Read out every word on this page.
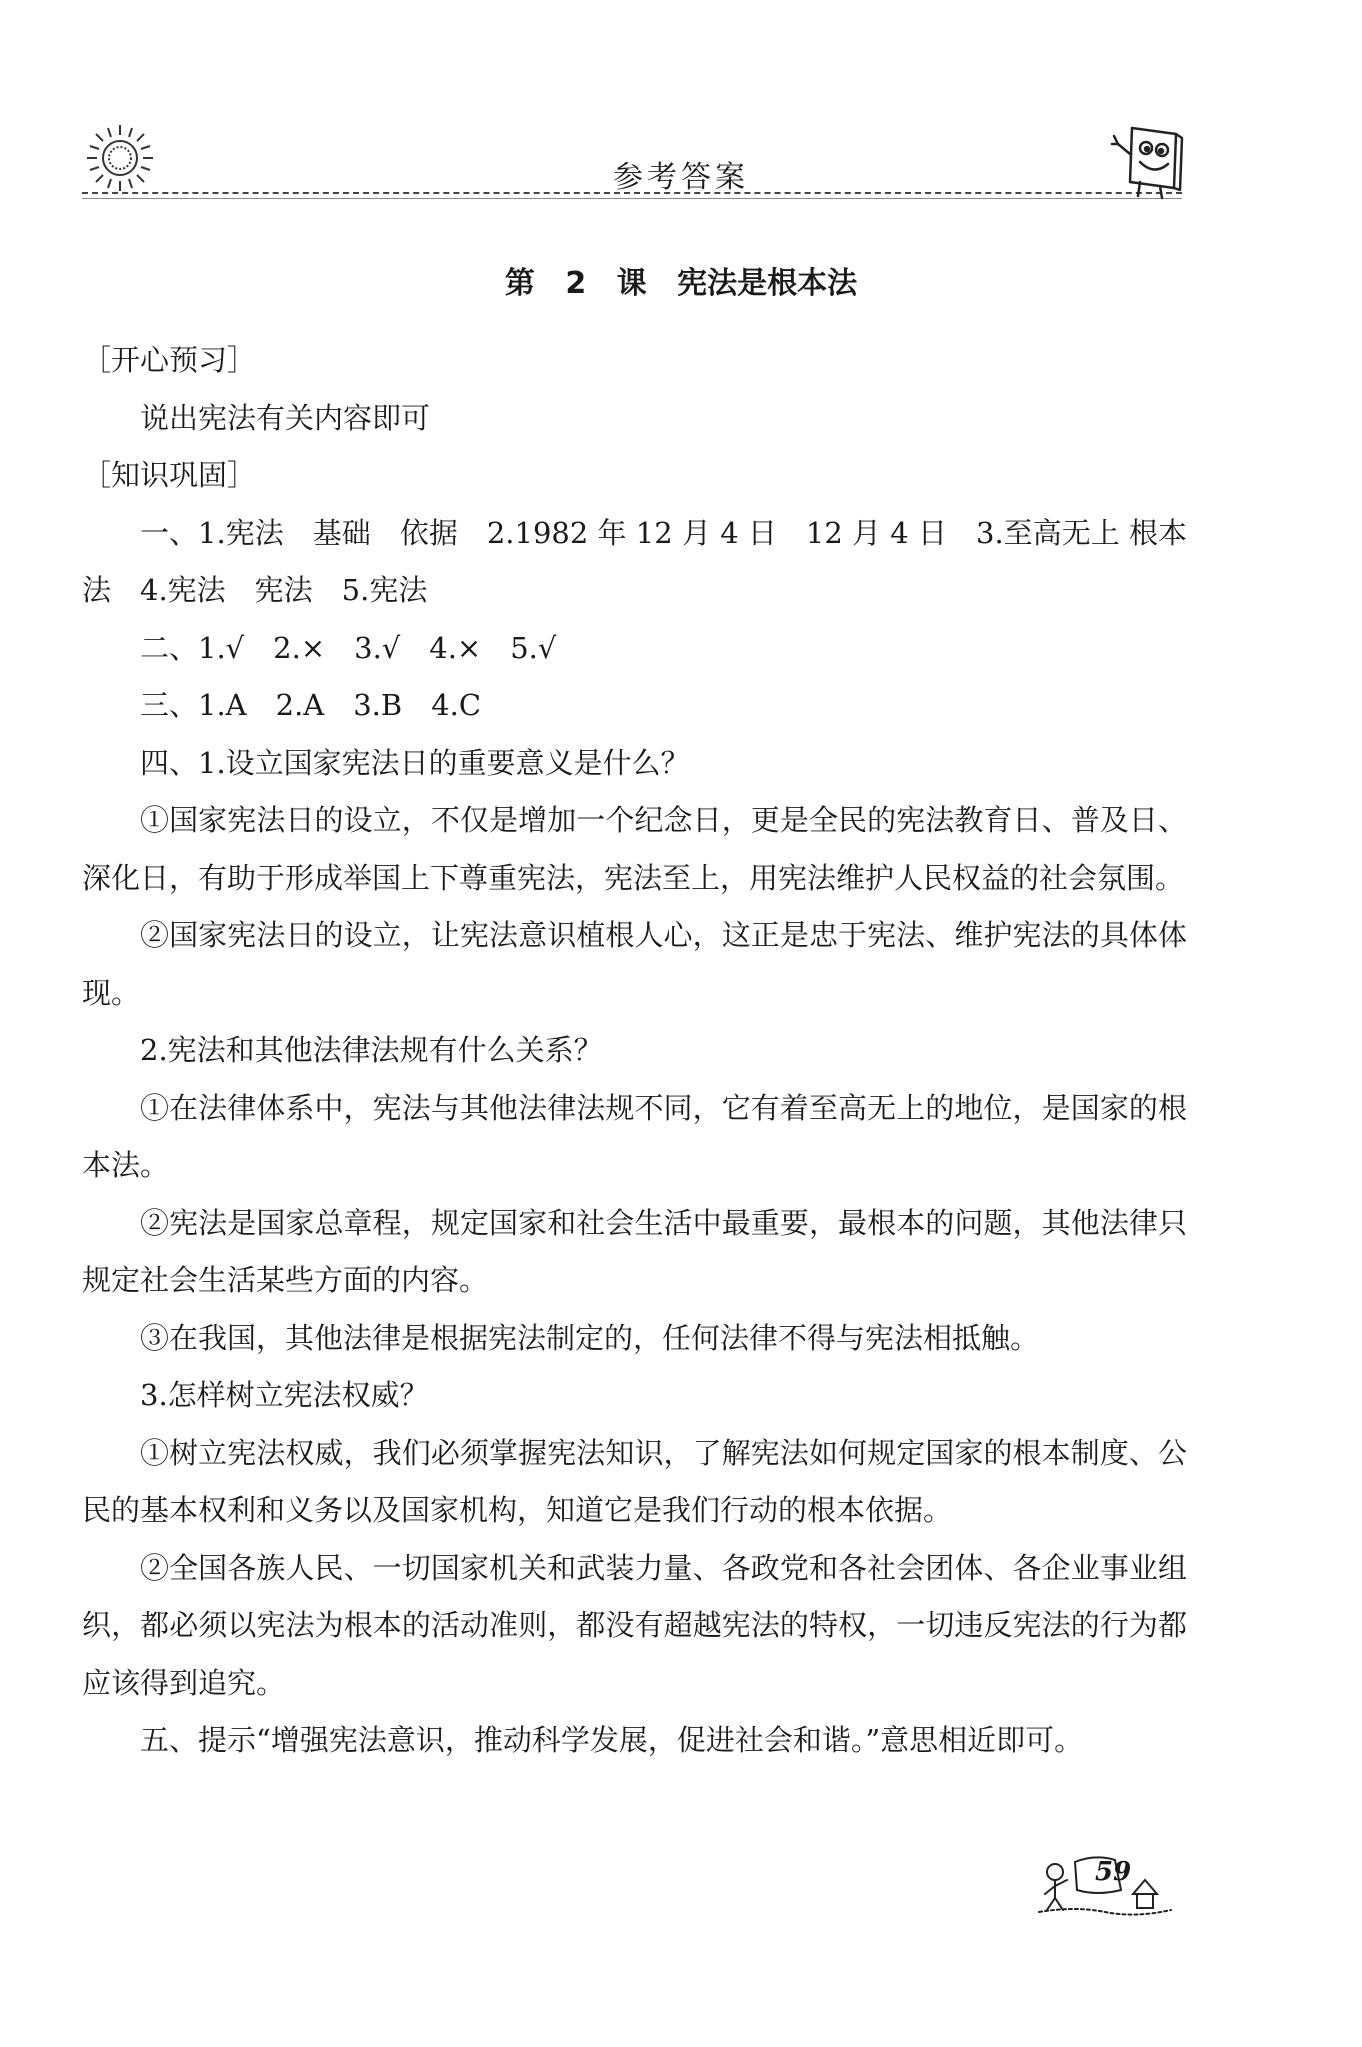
参考答案
第 2 课 宪法是根本法

［开心预习］

说出宪法有关内容即可

［知识巩固］

一、1.宪法　基础　依据　2.1982 年 12 月 4 日　12 月 4 日　3.至高无上 根本法　4.宪法　宪法　5.宪法

二、1.√　2.×　3.√　4.×　5.√

三、1.A　2.A　3.B　4.C

四、1.设立国家宪法日的重要意义是什么？

①国家宪法日的设立，不仅是增加一个纪念日，更是全民的宪法教育日、普及日、深化日，有助于形成举国上下尊重宪法，宪法至上，用宪法维护人民权益的社会氛围。

②国家宪法日的设立，让宪法意识植根人心，这正是忠于宪法、维护宪法的具体体现。

2.宪法和其他法律法规有什么关系？

①在法律体系中，宪法与其他法律法规不同，它有着至高无上的地位，是国家的根本法。

②宪法是国家总章程，规定国家和社会生活中最重要，最根本的问题，其他法律只规定社会生活某些方面的内容。

③在我国，其他法律是根据宪法制定的，任何法律不得与宪法相抵触。

3.怎样树立宪法权威？

①树立宪法权威，我们必须掌握宪法知识，了解宪法如何规定国家的根本制度、公民的基本权利和义务以及国家机构，知道它是我们行动的根本依据。

②全国各族人民、一切国家机关和武装力量、各政党和各社会团体、各企业事业组织，都必须以宪法为根本的活动准则，都没有超越宪法的特权，一切违反宪法的行为都应该得到追究。

五、提示“增强宪法意识，推动科学发展，促进社会和谐。”意思相近即可。

59
